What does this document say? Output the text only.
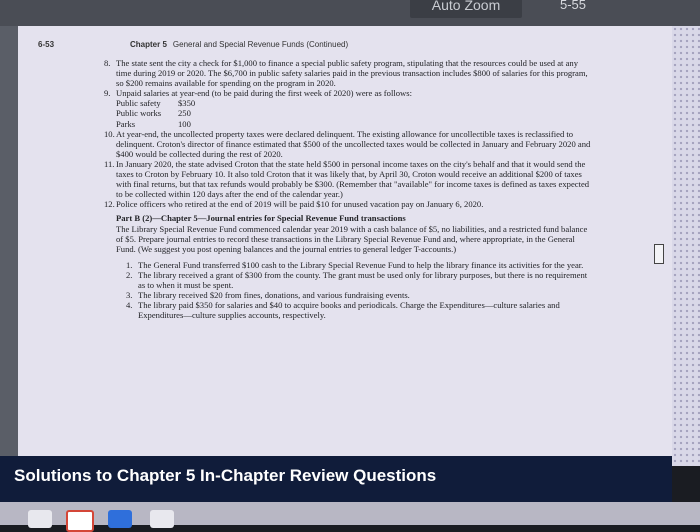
Auto Zoom	5-55
6-53	Chapter 5 General and Special Revenue Funds (Continued)
8. The state sent the city a check for $1,000 to finance a special public safety program, stipulating that the resources could be used at any time during 2019 or 2020. The $6,700 in public safety salaries paid in the previous transaction includes $800 of salaries for this program, so $200 remains available for spending on the program in 2020.
9. Unpaid salaries at year-end (to be paid during the first week of 2020) were as follows:
Public safety	$350
Public works	250
Parks	100
10. At year-end, the uncollected property taxes were declared delinquent. The existing allowance for uncollectible taxes is reclassified to delinquent. Croton's director of finance estimated that $500 of the uncollected taxes would be collected in January and February 2020 and $400 would be collected during the rest of 2020.
11. In January 2020, the state advised Croton that the state held $500 in personal income taxes on the city's behalf and that it would send the taxes to Croton by February 10. It also told Croton that it was likely that, by April 30, Croton would receive an additional $200 of taxes with final returns, but that tax refunds would probably be $300. (Remember that "available" for income taxes is defined as taxes expected to be collected within 120 days after the end of the calendar year.)
12. Police officers who retired at the end of 2019 will be paid $10 for unused vacation pay on January 6, 2020.
Part B (2)—Chapter 5—Journal entries for Special Revenue Fund transactions
The Library Special Revenue Fund commenced calendar year 2019 with a cash balance of $5, no liabilities, and a restricted fund balance of $5. Prepare journal entries to record these transactions in the Library Special Revenue Fund and, where appropriate, in the General Fund. (We suggest you post opening balances and the journal entries to general ledger T-accounts.)
1. The General Fund transferred $100 cash to the Library Special Revenue Fund to help the library finance its activities for the year.
2. The library received a grant of $300 from the county. The grant must be used only for library purposes, but there is no requirement as to when it must be spent.
3. The library received $20 from fines, donations, and various fundraising events.
4. The library paid $350 for salaries and $40 to acquire books and periodicals. Charge the Expenditures—culture salaries and Expenditures—culture supplies accounts, respectively.
Solutions to Chapter 5 In-Chapter Review Questions
